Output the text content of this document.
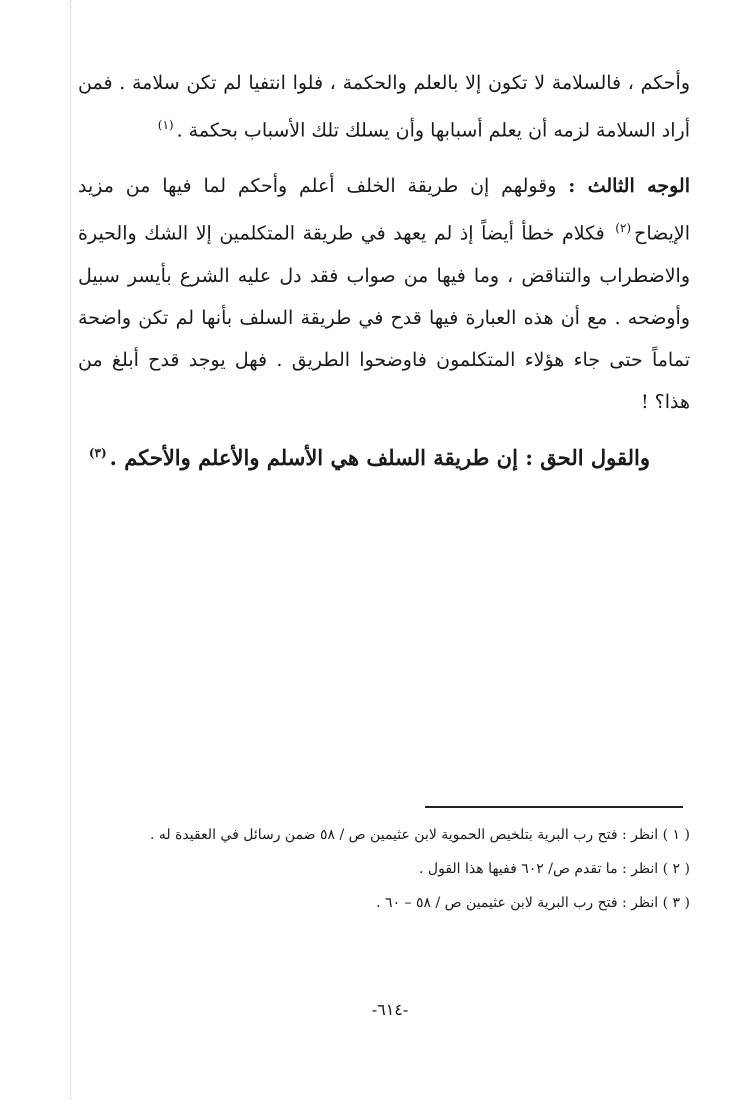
وأحكم ، فالسلامة لا تكون إلا بالعلم والحكمة ، فلوا انتفيا لم تكن سلامة . فمن أراد السلامة لزمه أن يعلم أسبابها وأن يسلك تلك الأسباب بحكمة .$^{(١)}$

الوجه الثالث : وقولهم إن طريقة الخلف أعلم وأحكم لما فيها من مزيد الإيضاح$^{(٢)}$ فكلام خطأ أيضاً إذ لم يعهد في طريقة المتكلمين إلا الشك والحيرة والاضطراب والتناقض ، وما فيها من صواب فقد دل عليه الشرع بأيسر سبيل وأوضحه . مع أن هذه العبارة فيها قدح في طريقة السلف بأنها لم تكن واضحة تماماً حتى جاء هؤلاء المتكلمون فاوضحوا الطريق . فهل يوجد قدح أبلغ من هذا؟ !

والقول الحق : إن طريقة السلف هي الأسلم والأعلم والأحكم .$^{(٣)}$

( ١ ) انظر : فتح رب البرية بتلخيص الحموية لابن عثيمين ص / ٥٨ ضمن رسائل في العقيدة له .

( ٢ ) انظر : ما تقدم ص/ ٦٠٢ ففيها هذا القول .

( ٣ ) انظر : فتح رب البرية لابن عثيمين ص / ٥٨ – ٦٠ .

-٦١٤-
